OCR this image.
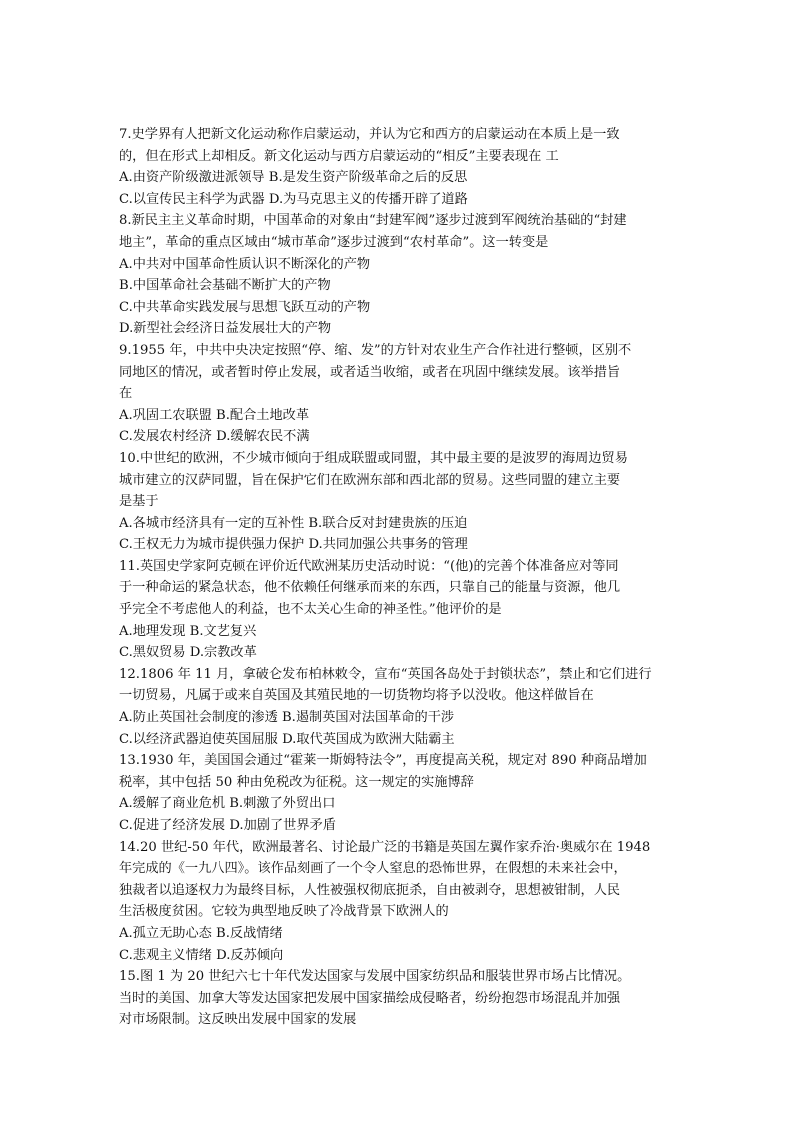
7.史学界有人把新文化运动称作启蒙运动，并认为它和西方的启蒙运动在本质上是一致
的，但在形式上却相反。新文化运动与西方启蒙运动的“相反”主要表现在 工
A.由资产阶级激进派领导 B.是发生资产阶级革命之后的反思
C.以宣传民主科学为武器 D.为马克思主义的传播开辟了道路
8.新民主主义革命时期，中国革命的对象由“封建军阀”逐步过渡到军阀统治基础的“封建
地主”，革命的重点区域由“城市革命”逐步过渡到“农村革命”。这一转变是
A.中共对中国革命性质认识不断深化的产物
B.中国革命社会基础不断扩大的产物
C.中共革命实践发展与思想飞跃互动的产物
D.新型社会经济日益发展壮大的产物
9.1955 年，中共中央决定按照“停、缩、发”的方针对农业生产合作社进行整顿，区别不
同地区的情况，或者暂时停止发展，或者适当收缩，或者在巩固中继续发展。该举措旨
在
A.巩固工农联盟 B.配合土地改革
C.发展农村经济 D.缓解农民不满
10.中世纪的欧洲，不少城市倾向于组成联盟或同盟，其中最主要的是波罗的海周边贸易
城市建立的汉萨同盟，旨在保护它们在欧洲东部和西北部的贸易。这些同盟的建立主要
是基于
A.各城市经济具有一定的互补性 B.联合反对封建贵族的压迫
C.王权无力为城市提供强力保护 D.共同加强公共事务的管理
11.英国史学家阿克顿在评价近代欧洲某历史活动时说：“(他)的完善个体准备应对等同
于一种命运的紧急状态，他不依赖任何继承而来的东西，只靠自己的能量与资源，他几
乎完全不考虑他人的利益，也不太关心生命的神圣性。”他评价的是
A.地理发现 B.文艺复兴
C.黑奴贸易 D.宗教改革
12.1806 年 11 月，拿破仑发布柏林敕令，宣布“英国各岛处于封锁状态”，禁止和它们进行
一切贸易，凡属于或来自英国及其殖民地的一切货物均将予以没收。他这样做旨在
A.防止英国社会制度的渗透 B.遏制英国对法国革命的干涉
C.以经济武器迫使英国屈服 D.取代英国成为欧洲大陆霸主
13.1930 年，美国国会通过“霍莱一斯姆特法令”，再度提高关税，规定对 890 种商品增加
税率，其中包括 50 种由免税改为征税。这一规定的实施博辞
A.缓解了商业危机 B.刺激了外贸出口
C.促进了经济发展 D.加剧了世界矛盾
14.20 世纪-50 年代，欧洲最著名、讨论最广泛的书籍是英国左翼作家乔治·奥威尔在 1948
年完成的《一九八四》。该作品刻画了一个令人窒息的恐怖世界，在假想的未来社会中，
独裁者以追逐权力为最终目标，人性被强权彻底扼杀，自由被剥夺，思想被钳制，人民
生活极度贫困。它较为典型地反映了冷战背景下欧洲人的
A.孤立无助心态 B.反战情绪
C.悲观主义情绪 D.反苏倾向
15.图 1 为 20 世纪六七十年代发达国家与发展中国家纺织品和服装世界市场占比情况。
当时的美国、加拿大等发达国家把发展中国家描绘成侵略者，纷纷抱怨市场混乱并加强
对市场限制。这反映出发展中国家的发展
